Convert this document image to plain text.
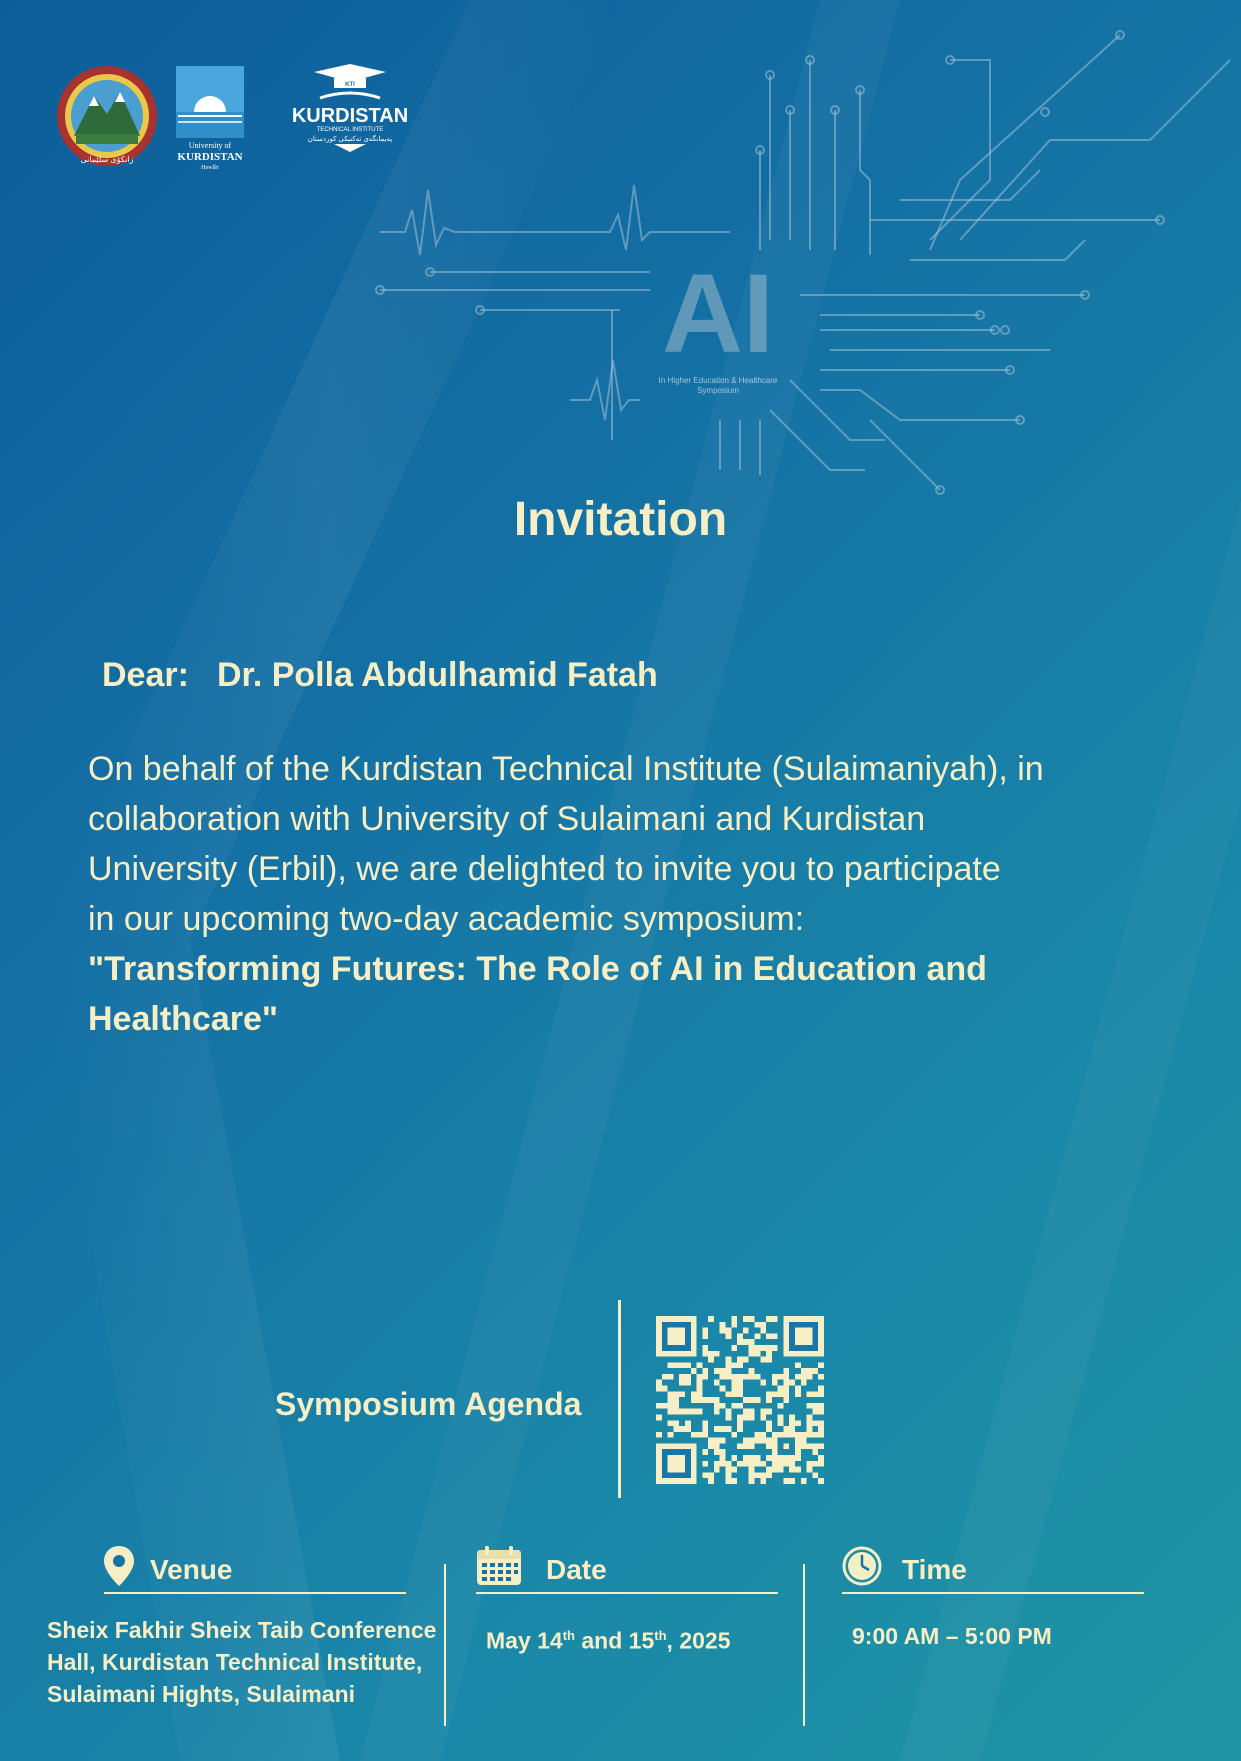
AI
In Higher Education & Healthcare
Symposium
زانکۆی سلێمانی
University of
KURDISTAN
Hewlêr
KTI
KURDISTAN
TECHNICAL INSTITUTE
پەیمانگەی تەکنیکی کوردستان
Invitation
Dear: Dr. Polla Abdulhamid Fatah
On behalf of the Kurdistan Technical Institute (Sulaimaniyah), in
collaboration with University of Sulaimani and Kurdistan
University (Erbil), we are delighted to invite you to participate
in our upcoming two-day academic symposium:
"Transforming Futures: The Role of AI in Education and
Healthcare"
Symposium Agenda
Venue
Sheix Fakhir Sheix Taib Conference
Hall, Kurdistan Technical Institute,
Sulaimani Hights, Sulaimani
Date
May 14th and 15th, 2025
Time
9:00 AM – 5:00 PM
